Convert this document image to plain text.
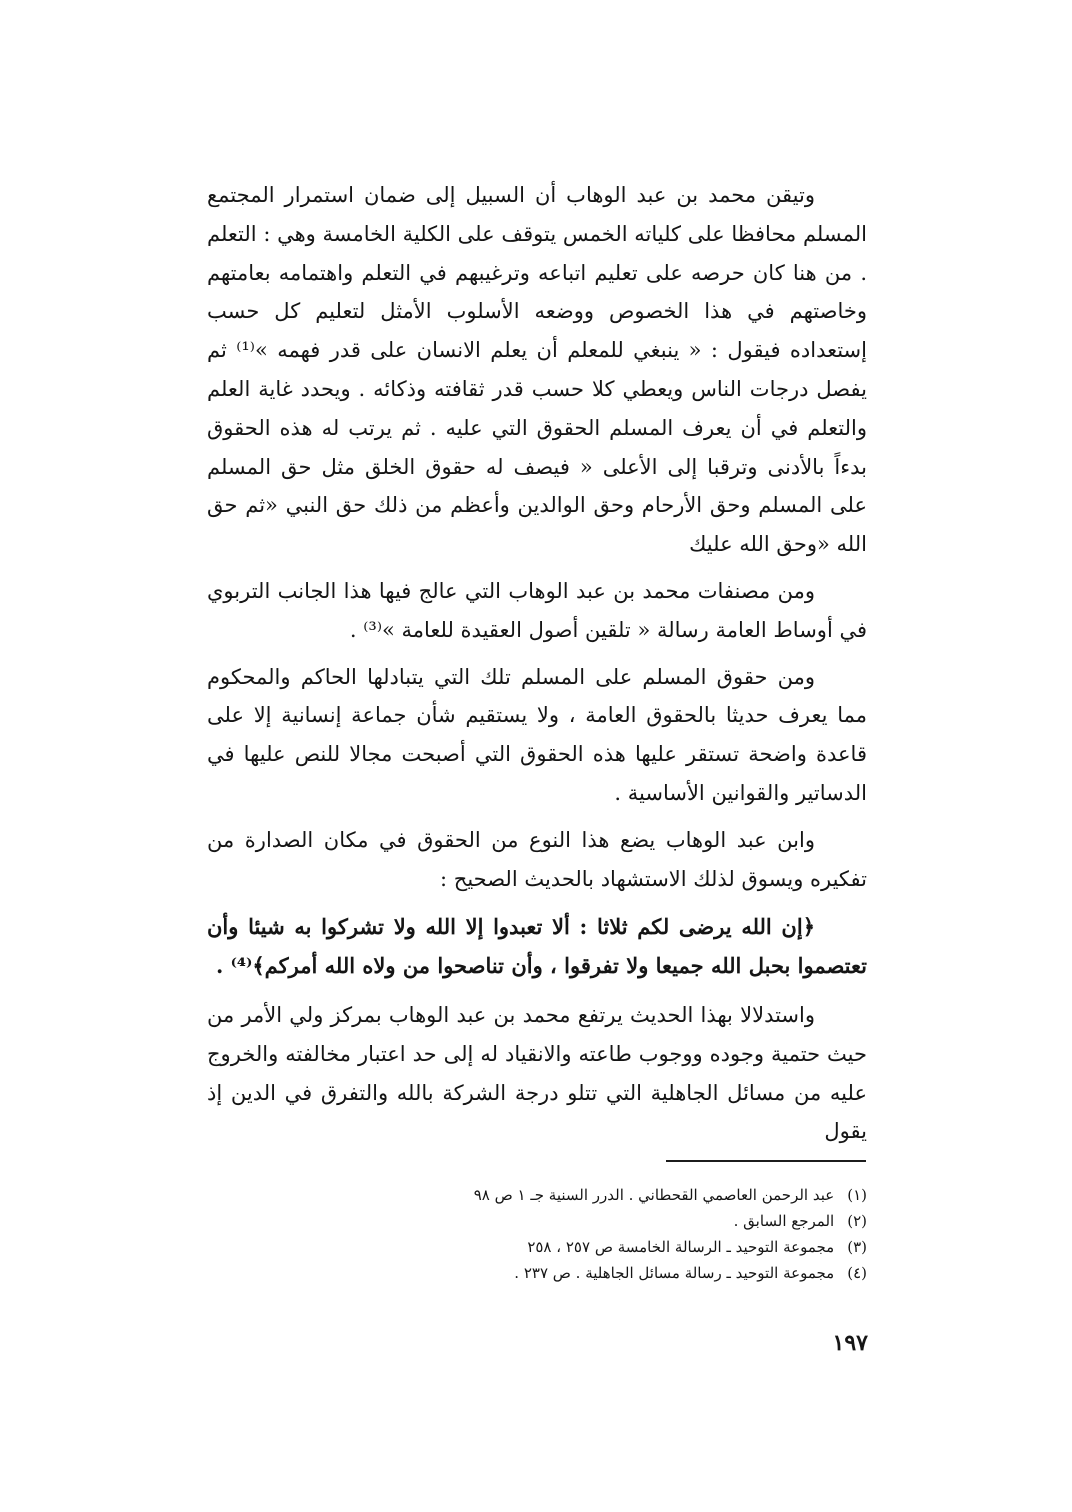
وتيقن محمد بن عبد الوهاب أن السبيل إلى ضمان استمرار المجتمع المسلم محافظا على كلياته الخمس يتوقف على الكلية الخامسة وهي : التعلم . من هنا كان حرصه على تعليم اتباعه وترغيبهم في التعلم واهتمامه بعامتهم وخاصتهم في هذا الخصوص ووضعه الأسلوب الأمثل لتعليم كل حسب إستعداده فيقول : « ينبغي للمعلم أن يعلم الانسان على قدر فهمه »⁽¹⁾ ثم يفصل درجات الناس ويعطي كلا حسب قدر ثقافته وذكائه . ويحدد غاية العلم والتعلم في أن يعرف المسلم الحقوق التي عليه . ثم يرتب له هذه الحقوق بدءاً بالأدنى وترقبا إلى الأعلى « فيصف له حقوق الخلق مثل حق المسلم على المسلم وحق الأرحام وحق الوالدين وأعظم من ذلك حق النبي «ثم حق الله «وحق الله عليك

ومن مصنفات محمد بن عبد الوهاب التي عالج فيها هذا الجانب التربوي في أوساط العامة رسالة « تلقين أصول العقيدة للعامة »⁽³⁾ .

ومن حقوق المسلم على المسلم تلك التي يتبادلها الحاكم والمحكوم مما يعرف حديثا بالحقوق العامة ، ولا يستقيم شأن جماعة إنسانية إلا على قاعدة واضحة تستقر عليها هذه الحقوق التي أصبحت مجالا للنص عليها في الدساتير والقوانين الأساسية .

وابن عبد الوهاب يضع هذا النوع من الحقوق في مكان الصدارة من تفكيره ويسوق لذلك الاستشهاد بالحديث الصحيح :

﴿إن الله يرضى لكم ثلاثا : ألا تعبدوا إلا الله ولا تشركوا به شيئا وأن تعتصموا بحبل الله جميعا ولا تفرقوا ، وأن تناصحوا من ولاه الله أمركم﴾⁽⁴⁾ .

واستدلالا بهذا الحديث يرتفع محمد بن عبد الوهاب بمركز ولي الأمر من حيث حتمية وجوده ووجوب طاعته والانقياد له إلى حد اعتبار مخالفته والخروج عليه من مسائل الجاهلية التي تتلو درجة الشركة بالله والتفرق في الدين إذ يقول

(١) عبد الرحمن العاصمي القحطاني . الدرر السنية جـ ١ ص ٩٨
(٢) المرجع السابق .
(٣) مجموعة التوحيد ـ الرسالة الخامسة ص ٢٥٧ ، ٢٥٨
(٤) مجموعة التوحيد ـ رسالة مسائل الجاهلية . ص ٢٣٧ .
١٩٧
